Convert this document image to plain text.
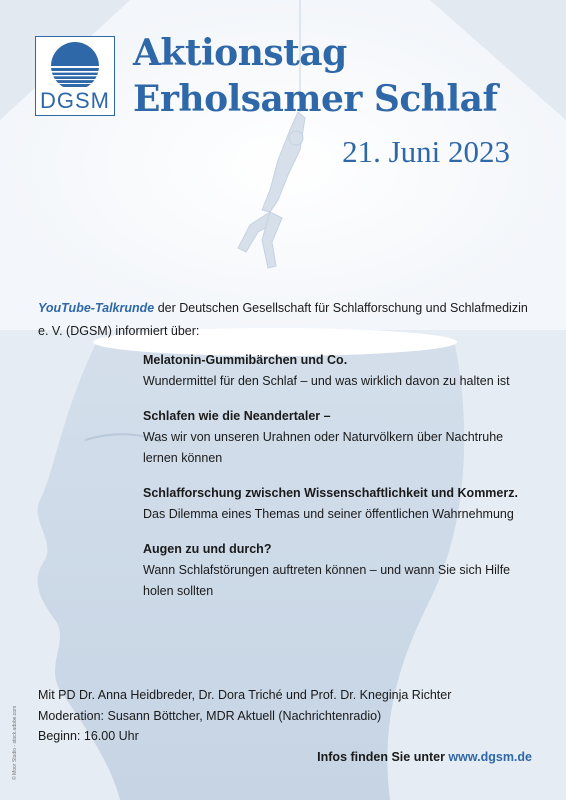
DGSM
Aktionstag
Erholsamer Schlaf
21. Juni 2023
YouTube-Talkrunde der Deutschen Gesellschaft für Schlafforschung und Schlafmedizin e. V. (DGSM) informiert über:
Melatonin-Gummibärchen und Co.
Wundermittel für den Schlaf – und was wirklich davon zu halten ist
Schlafen wie die Neandertaler –
Was wir von unseren Urahnen oder Naturvölkern über Nachtruhe lernen können
Schlafforschung zwischen Wissenschaftlichkeit und Kommerz.
Das Dilemma eines Themas und seiner öffentlichen Wahrnehmung
Augen zu und durch?
Wann Schlafstörungen auftreten können – und wann Sie sich Hilfe holen sollten
Mit PD Dr. Anna Heidbreder, Dr. Dora Triché und Prof. Dr. Kneginja Richter
Moderation: Susann Böttcher, MDR Aktuell (Nachrichtenradio)
Beginn: 16.00 Uhr
Infos finden Sie unter www.dgsm.de
© Moor Studio - stock.adobe.com
